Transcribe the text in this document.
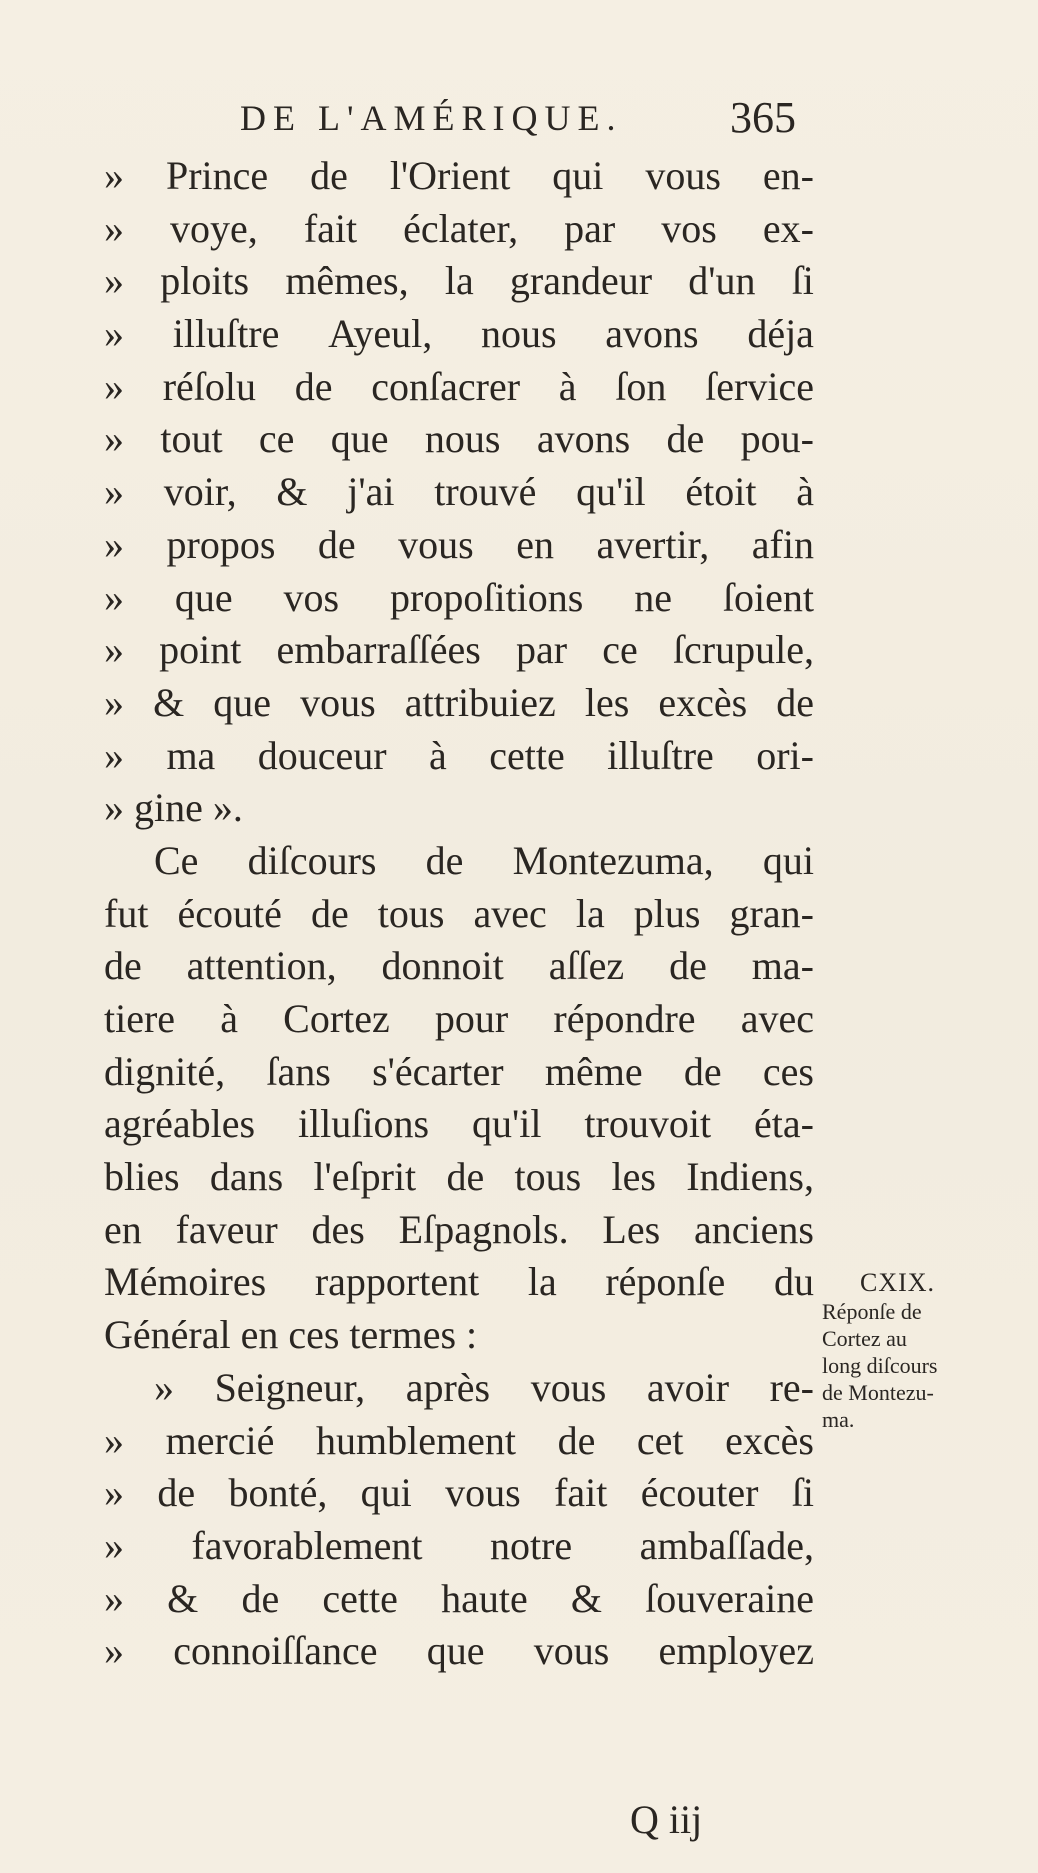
DE L'AMÉRIQUE. 365
» Prince de l'Orient qui vous en-
» voye, fait éclater, par vos ex-
» ploits mêmes, la grandeur d'un ſi
» illuſtre Ayeul, nous avons déja
» réſolu de conſacrer à ſon ſervice
» tout ce que nous avons de pou-
» voir, & j'ai trouvé qu'il étoit à
» propos de vous en avertir, afin
» que vos propoſitions ne ſoient
» point embarraſſées par ce ſcrupule,
» & que vous attribuiez les excès de
» ma douceur à cette illuſtre ori-
» gine ».
Ce diſcours de Montezuma, qui
fut écouté de tous avec la plus gran-
de attention, donnoit aſſez de ma-
tiere à Cortez pour répondre avec
dignité, ſans s'écarter même de ces
agréables illuſions qu'il trouvoit éta-
blies dans l'eſprit de tous les Indiens,
en faveur des Eſpagnols. Les anciens
Mémoires rapportent la réponſe du
Général en ces termes :
» Seigneur, après vous avoir re-
» mercié humblement de cet excès
» de bonté, qui vous fait écouter ſi
» favorablement notre ambaſſade,
» & de cette haute & ſouveraine
» connoiſſance que vous employez
CXIX.
Réponſe de
Cortez au
long diſcours
de Montezu-
ma.
Q iij
